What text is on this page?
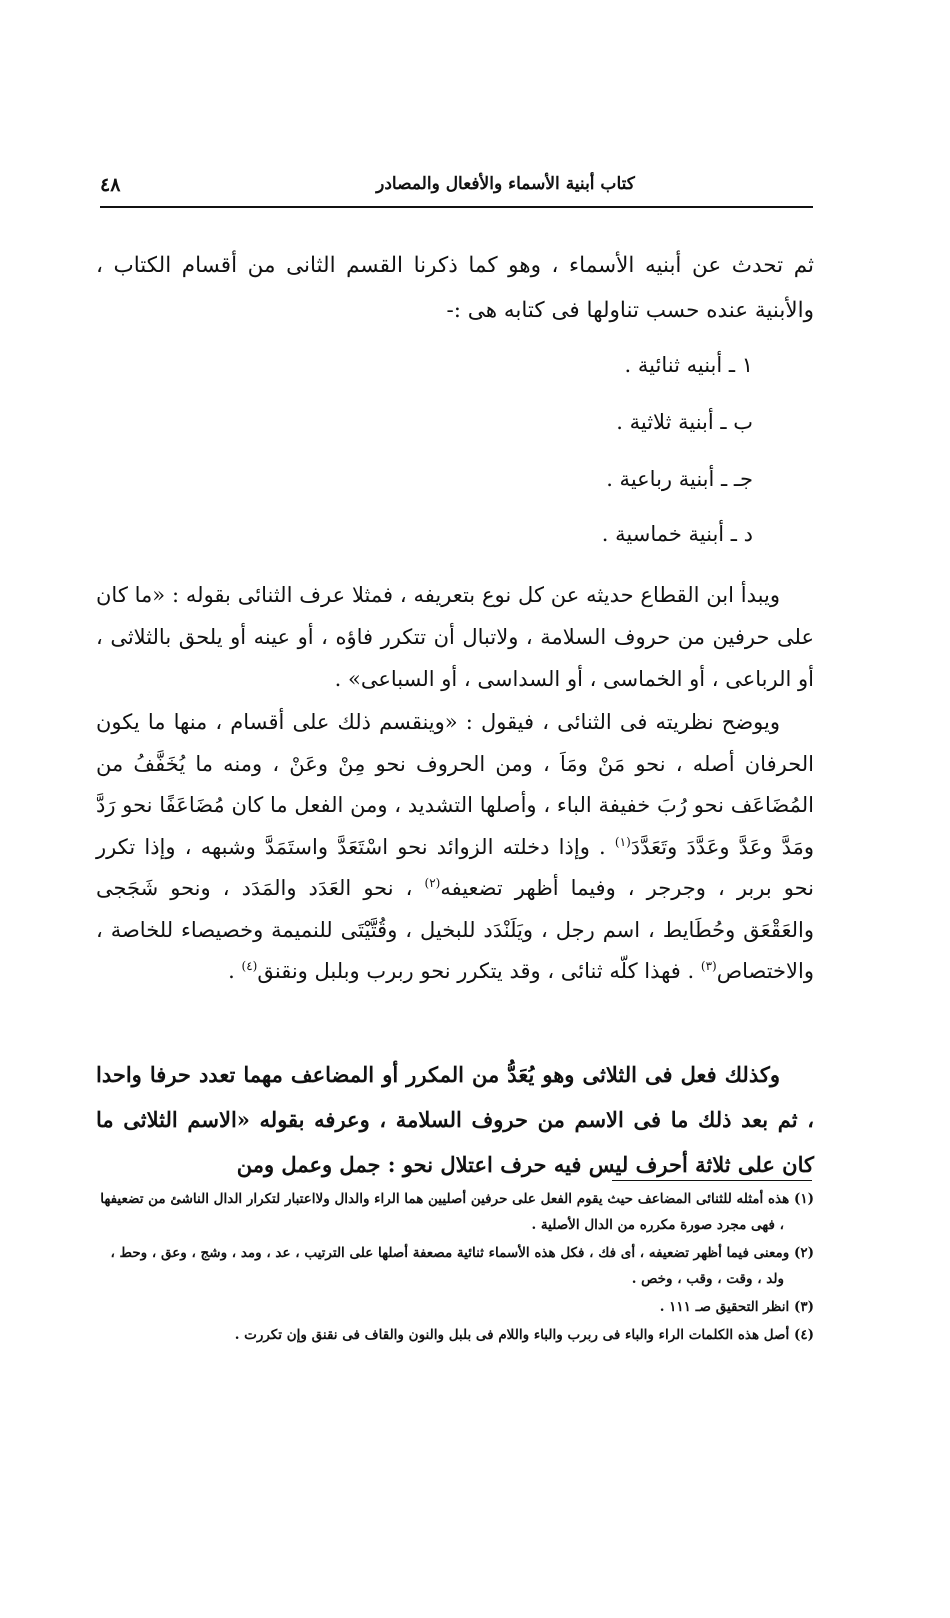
كتاب أبنية الأسماء والأفعال والمصادر
٤٨

ثم تحدث عن أبنيه الأسماء ، وهو كما ذكرنا القسم الثانى من أقسام الكتاب ، والأبنية عنده حسب تناولها فى كتابه هى :-

١ ـ أبنيه ثنائية .
ب ـ أبنية ثلاثية .
جـ ـ أبنية رباعية .
د ـ أبنية خماسية .

ويبدأ ابن القطاع حديثه عن كل نوع بتعريفه ، فمثلا عرف الثنائى بقوله : «ما كان على حرفين من حروف السلامة ، ولاتبال أن تتكرر فاؤه ، أو عينه أو يلحق بالثلاثى ، أو الرباعى ، أو الخماسى ، أو السداسى ، أو السباعى» .

ويوضح نظريته فى الثنائى ، فيقول : «وينقسم ذلك على أقسام ، منها ما يكون الحرفان أصله ، نحو مَنْ ومَاَ ، ومن الحروف نحو مِنْ وعَنْ ، ومنه ما يُخَفَّفُ من المُضَاعَف نحو رُبَ خفيفة الباء ، وأصلها التشديد ، ومن الفعل ما كان مُضَاعَفًا نحو رَدَّ ومَدَّ وعَدَّ وعَدَّدَ وتَعَدَّدَ$^{(١)}$ . وإذا دخلته الزوائد نحو اسْتَعَدَّ واستَمَدَّ وشبهه ، وإذا تكرر نحو بربر ، وجرجر ، وفيما أظهر تضعيفه$^{(٢)}$ ، نحو العَدَد والمَدَد ، ونحو شَجَجى والعَقْعَق وحُطَايط ، اسم رجل ، ويَلَنْدَد للبخيل ، وقُتَّيْتَى للنميمة وخصيصاء للخاصة ، والاختصاص$^{(٣)}$ . فهذا كلّه ثنائى ، وقد يتكرر نحو ربرب وبلبل ونقنق$^{(٤)}$ .

وكذلك فعل فى الثلاثى وهو يُعَدُّ من المكرر أو المضاعف مهما تعدد حرفا واحدا ، ثم بعد ذلك ما فى الاسم من حروف السلامة ، وعرفه بقوله «الاسم الثلاثى ما كان على ثلاثة أحرف ليس فيه حرف اعتلال نحو : جمل وعمل ومن

(١) هذه أمثله للثنائى المضاعف حيث يقوم الفعل على حرفين أصليين هما الراء والدال ولااعتبار لتكرار الدال الناشئ من تضعيفها ، فهى مجرد صورة مكرره من الدال الأصلية .

(٢) ومعنى فيما أظهر تضعيفه ، أى فك ، فكل هذه الأسماء ثنائية مصعفة أصلها على الترتيب ، عد ، ومد ، وشج ، وعق ، وحط ، ولد ، وقت ، وقب ، وخص .

(٣) انظر التحقيق صـ ١١١ .

(٤) أصل هذه الكلمات الراء والباء فى ربرب والباء واللام فى بلبل والنون والقاف فى نقنق وإن تكررت .
